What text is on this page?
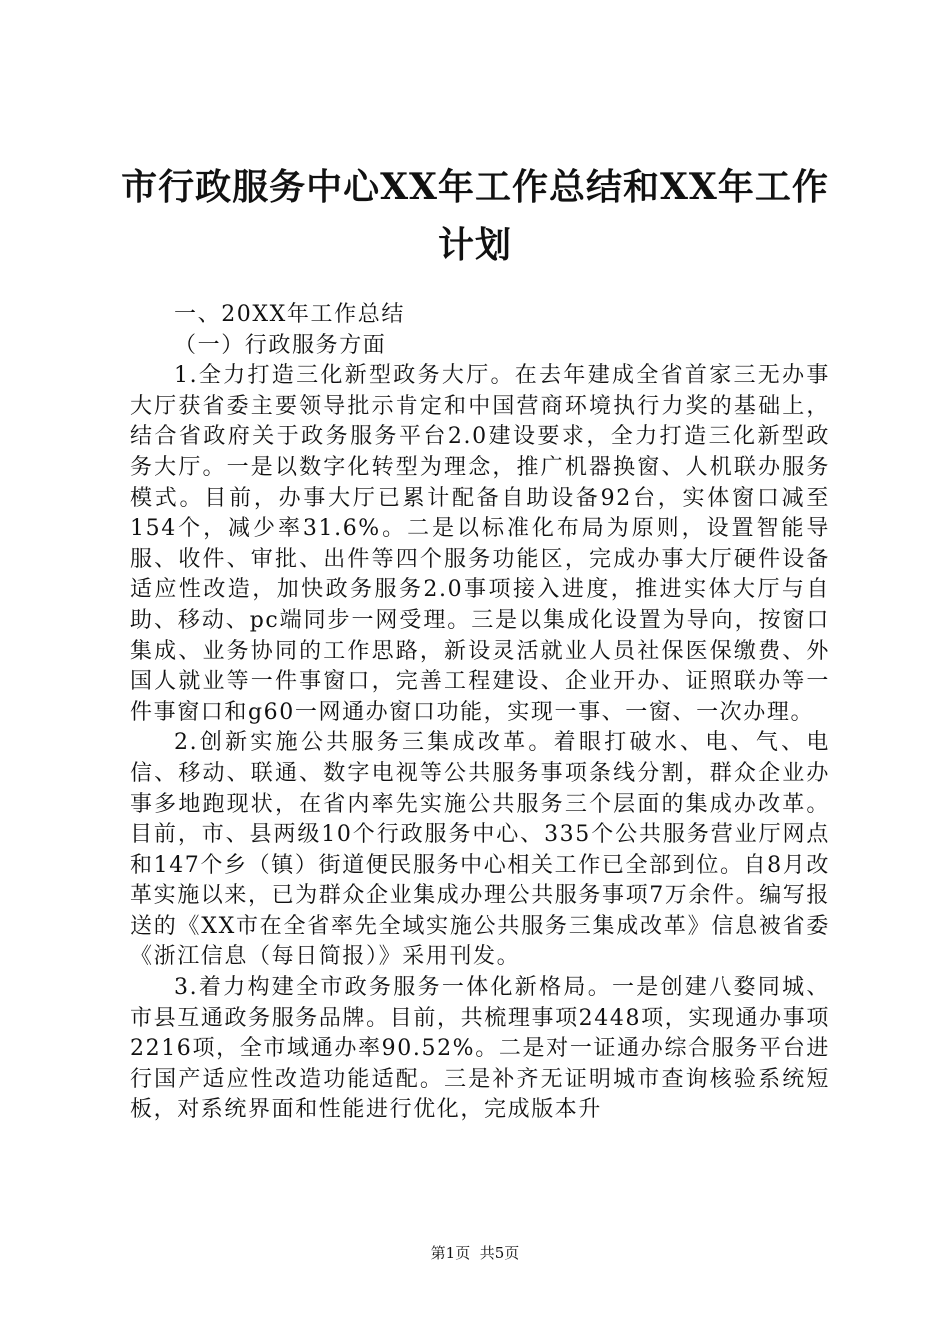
市行政服务中心XX年工作总结和XX年工作计划

一、20XX年工作总结

（一）行政服务方面

1.全力打造三化新型政务大厅。在去年建成全省首家三无办事大厅获省委主要领导批示肯定和中国营商环境执行力奖的基础上，结合省政府关于政务服务平台2.0建设要求，全力打造三化新型政务大厅。一是以数字化转型为理念，推广机器换窗、人机联办服务模式。目前，办事大厅已累计配备自助设备92台，实体窗口减至154个，减少率31.6%。二是以标准化布局为原则，设置智能导服、收件、审批、出件等四个服务功能区，完成办事大厅硬件设备适应性改造，加快政务服务2.0事项接入进度，推进实体大厅与自助、移动、pc端同步一网受理。三是以集成化设置为导向，按窗口集成、业务协同的工作思路，新设灵活就业人员社保医保缴费、外国人就业等一件事窗口，完善工程建设、企业开办、证照联办等一件事窗口和g60一网通办窗口功能，实现一事、一窗、一次办理。

2.创新实施公共服务三集成改革。着眼打破水、电、气、电信、移动、联通、数字电视等公共服务事项条线分割，群众企业办事多地跑现状，在省内率先实施公共服务三个层面的集成办改革。目前，市、县两级10个行政服务中心、335个公共服务营业厅网点和147个乡（镇）街道便民服务中心相关工作已全部到位。自8月改革实施以来，已为群众企业集成办理公共服务事项7万余件。编写报送的《XX市在全省率先全域实施公共服务三集成改革》信息被省委《浙江信息（每日简报）》采用刊发。

3.着力构建全市政务服务一体化新格局。一是创建八婺同城、市县互通政务服务品牌。目前，共梳理事项2448项，实现通办事项2216项，全市域通办率90.52%。二是对一证通办综合服务平台进行国产适应性改造功能适配。三是补齐无证明城市查询核验系统短板，对系统界面和性能进行优化，完成版本升

第1页 共5页
